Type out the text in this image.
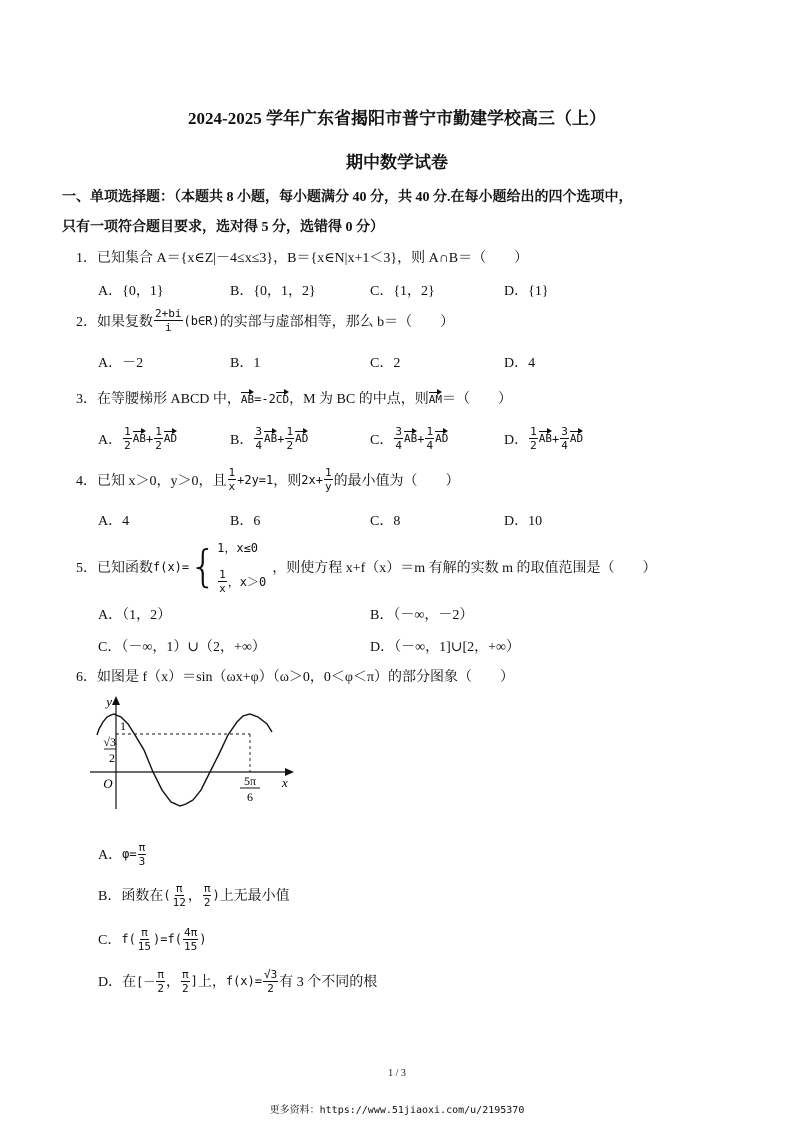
2024-2025 学年广东省揭阳市普宁市勤建学校高三（上）
期中数学试卷
一、单项选择题：（本题共 8 小题，每小题满分 40 分，共 40 分.在每小题给出的四个选项中，
只有一项符合题目要求，选对得 5 分，选错得 0 分）
1．已知集合 A＝{x∈Z|－4≤x≤3}，B＝{x∈N|x+1＜3}，则 A∩B＝（　　）
A．{0，1}	B．{0，1，2}	C．{1，2}	D．{1}
2．如果复数 $\frac{2+bi}{i}$ (b∈R) 的实部与虚部相等，那么 b＝（　　）
A．－2	B．1	C．2	D．4
3．在等腰梯形 ABCD 中， AB =-2 CD ，M 为 BC 的中点，则 AM ＝（　　）
A． $\frac{1}{2}$ AB + $\frac{1}{2}$ AD	B． $\frac{3}{4}$ AB + $\frac{1}{2}$ AD	C． $\frac{3}{4}$ AB + $\frac{1}{4}$ AD	D． $\frac{1}{2}$ AB + $\frac{3}{4}$ AD
4．已知 x＞0，y＞0，且 $\frac{1}{x} +2y=1$ ，则 $2x+ \frac{1}{y}$ 的最小值为（　　）
A．4	B．6	C．8	D．10
5．已知函数 f(x)= { 1，x≤0
$\frac{1}{x}$ ，x＞0
，则使方程 x+f（x）＝m 有解的实数 m 的取值范围是（　　）
A．（1，2）	B．（－∞，－2）
C．（－∞，1）∪（2，+∞）	D．（－∞，1]∪[2，+∞）
6．如图是 f（x）＝sin（ωx+φ）（ω＞0，0＜φ＜π）的部分图象（　　）
y
x
O
1
√3
2
5π
6
A． $\varphi= \frac{\pi}{3}$
B．函数在 ( $\frac{\pi}{12}$ ， $\frac{\pi}{2}$ ) 上无最小值
C． $f( \frac{\pi}{15} )=f( \frac{4\pi}{15}$ )
D．在 [－ $\frac{\pi}{2}$ ， $\frac{\pi}{2}$ ] 上， $f(x)= \frac{√3}{2}$ 有 3 个不同的根
1 / 3
更多资料：https://www.51jiaoxi.com/u/2195370
